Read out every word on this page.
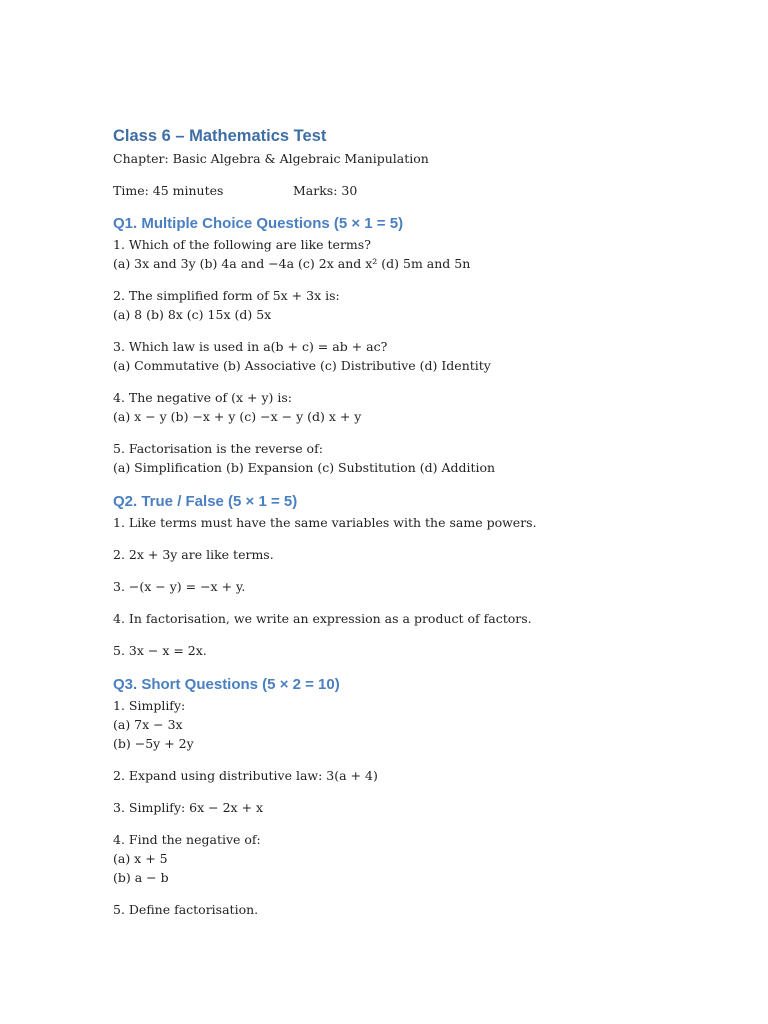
Class 6 – Mathematics Test

Chapter: Basic Algebra & Algebraic Manipulation

Time: 45 minutes	Marks: 30
Q1. Multiple Choice Questions (5 × 1 = 5)

1. Which of the following are like terms?

(a) 3x and 3y (b) 4a and −4a (c) 2x and x² (d) 5m and 5n

2. The simplified form of 5x + 3x is:

(a) 8 (b) 8x (c) 15x (d) 5x

3. Which law is used in a(b + c) = ab + ac?

(a) Commutative (b) Associative (c) Distributive (d) Identity

4. The negative of (x + y) is:

(a) x − y (b) −x + y (c) −x − y (d) x + y

5. Factorisation is the reverse of:

(a) Simplification (b) Expansion (c) Substitution (d) Addition

Q2. True / False (5 × 1 = 5)

1. Like terms must have the same variables with the same powers.

2. 2x + 3y are like terms.

3. −(x − y) = −x + y.

4. In factorisation, we write an expression as a product of factors.

5. 3x − x = 2x.

Q3. Short Questions (5 × 2 = 10)

1. Simplify:

(a) 7x − 3x

(b) −5y + 2y

2. Expand using distributive law: 3(a + 4)

3. Simplify: 6x − 2x + x

4. Find the negative of:

(a) x + 5

(b) a − b

5. Define factorisation.
